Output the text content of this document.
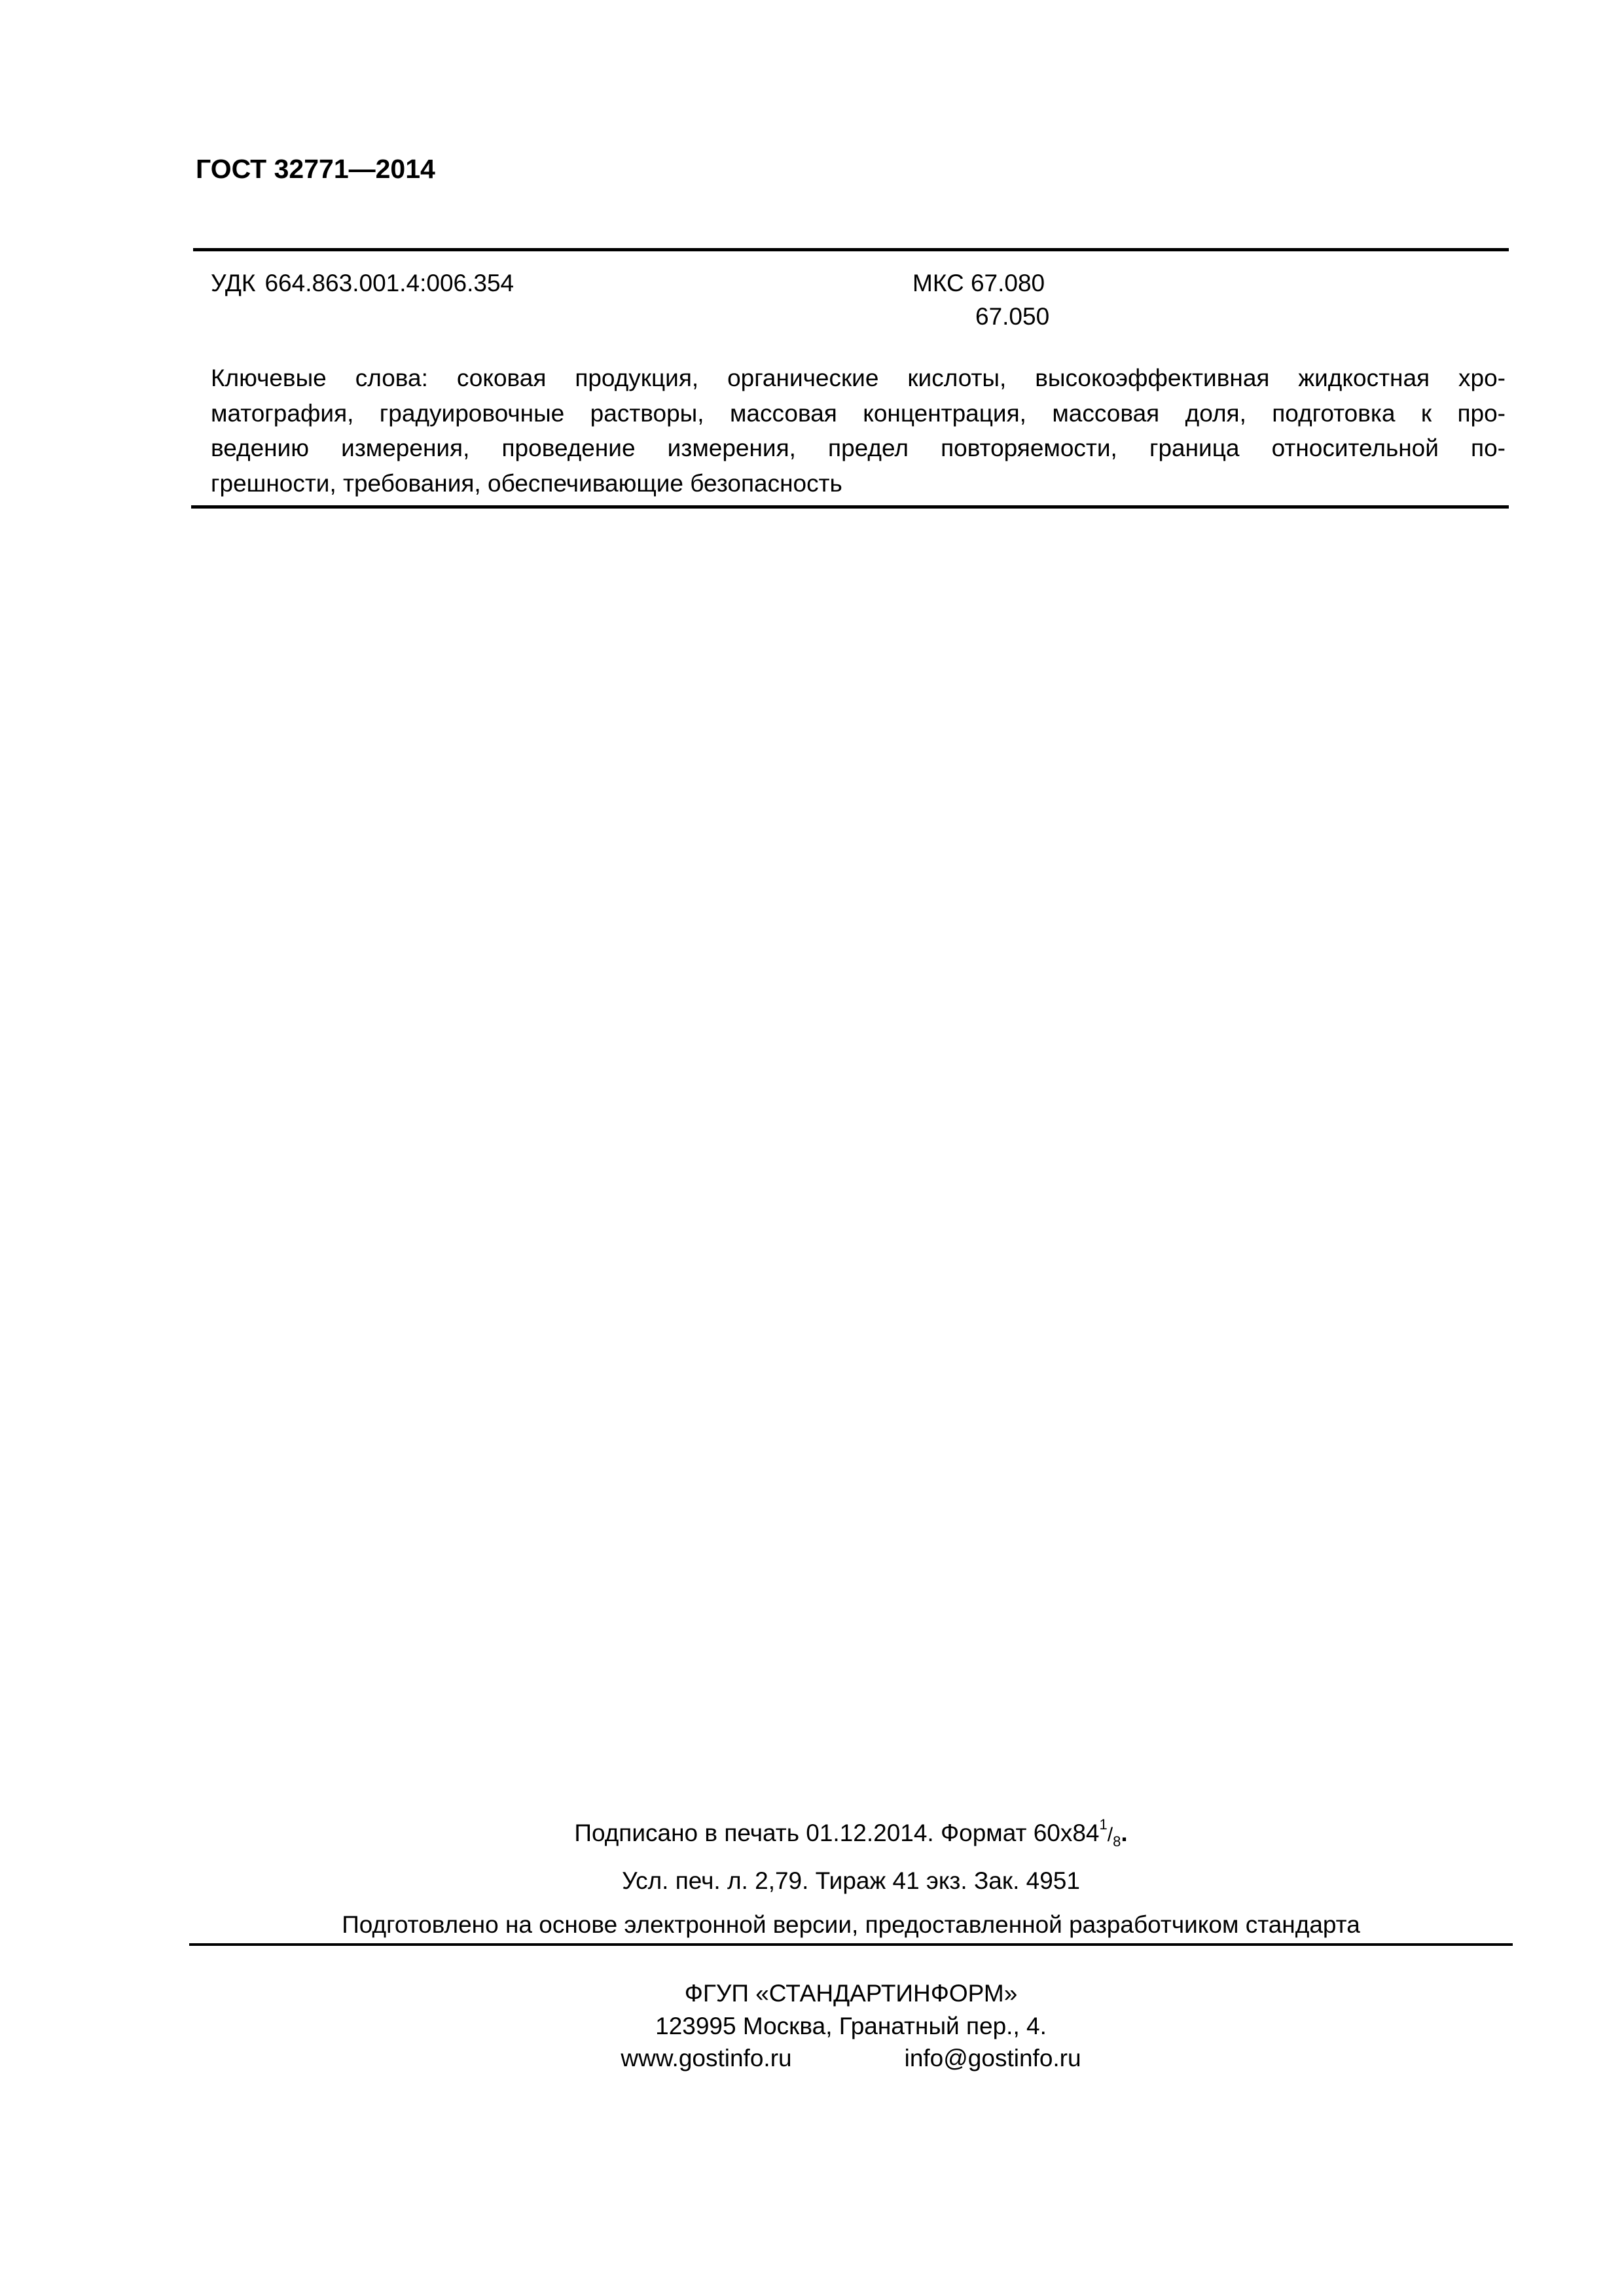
ГОСТ 32771—2014
УДК 664.863.001.4:006.354	МКС 67.080
67.050
Ключевые слова: соковая продукция, органические кислоты, высокоэффективная жидкостная хро-
матография, градуировочные растворы, массовая концентрация, массовая доля, подготовка к про-
ведению измерения, проведение измерения, предел повторяемости, граница относительной по-
грешности, требования, обеспечивающие безопасность
Подписано в печать 01.12.2014. Формат $60x84^1/_8$.
Усл. печ. л. 2,79. Тираж 41 экз. Зак. 4951
Подготовлено на основе электронной версии, предоставленной разработчиком стандарта
ФГУП «СТАНДАРТИНФОРМ»
123995 Москва, Гранатный пер., 4.
www.gostinfo.ru	info@gostinfo.ru
